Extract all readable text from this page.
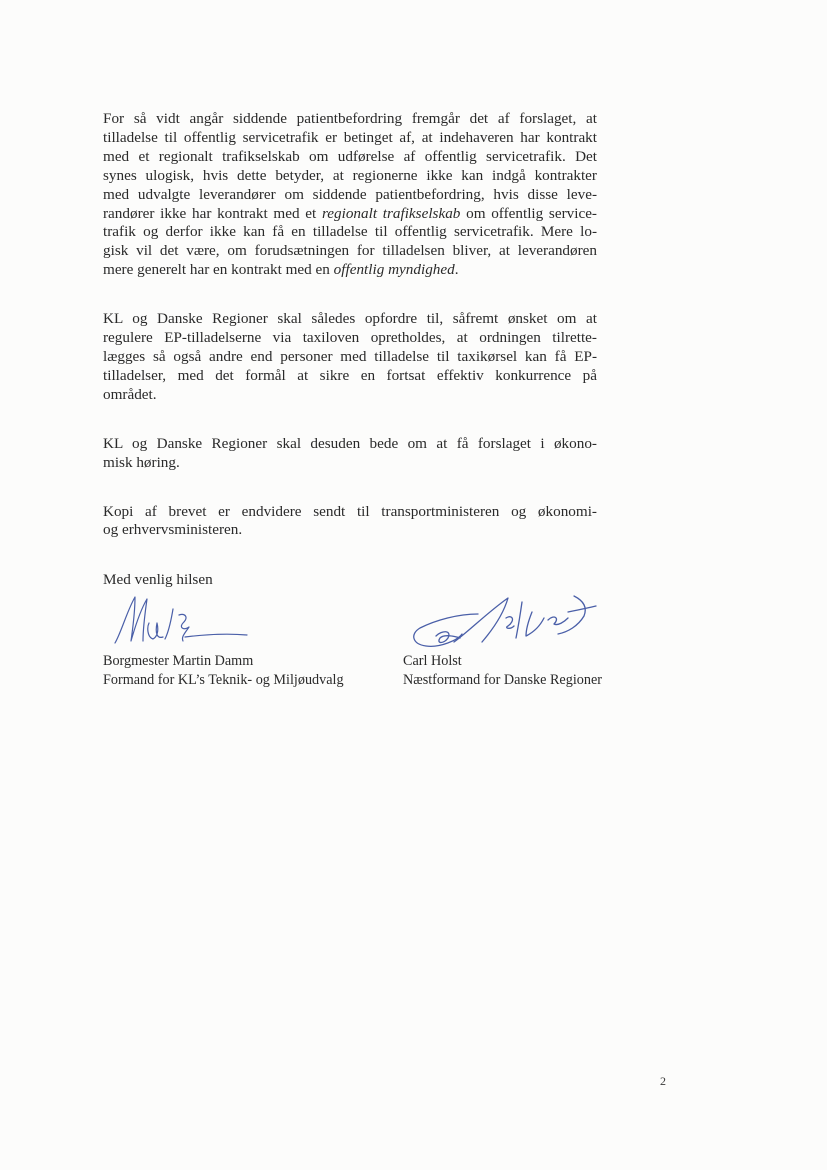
For så vidt angår siddende patientbefordring fremgår det af forslaget, at
tilladelse til offentlig servicetrafik er betinget af, at indehaveren har kontrakt
med et regionalt trafikselskab om udførelse af offentlig servicetrafik. Det
synes ulogisk, hvis dette betyder, at regionerne ikke kan indgå kontrakter
med udvalgte leverandører om siddende patientbefordring, hvis disse leve-
randører ikke har kontrakt med et regionalt trafikselskab om offentlig service-
trafik og derfor ikke kan få en tilladelse til offentlig servicetrafik. Mere lo-
gisk vil det være, om forudsætningen for tilladelsen bliver, at leverandøren
mere generelt har en kontrakt med en offentlig myndighed.
KL og Danske Regioner skal således opfordre til, såfremt ønsket om at
regulere EP-tilladelserne via taxiloven opretholdes, at ordningen tilrette-
lægges så også andre end personer med tilladelse til taxikørsel kan få EP-
tilladelser, med det formål at sikre en fortsat effektiv konkurrence på
området.
KL og Danske Regioner skal desuden bede om at få forslaget i økono-
misk høring.
Kopi af brevet er endvidere sendt til transportministeren og økonomi-
og erhvervsministeren.
Med venlig hilsen
Borgmester Martin Damm
Formand for KL’s Teknik- og Miljøudvalg
Carl Holst
Næstformand for Danske Regioner
2
